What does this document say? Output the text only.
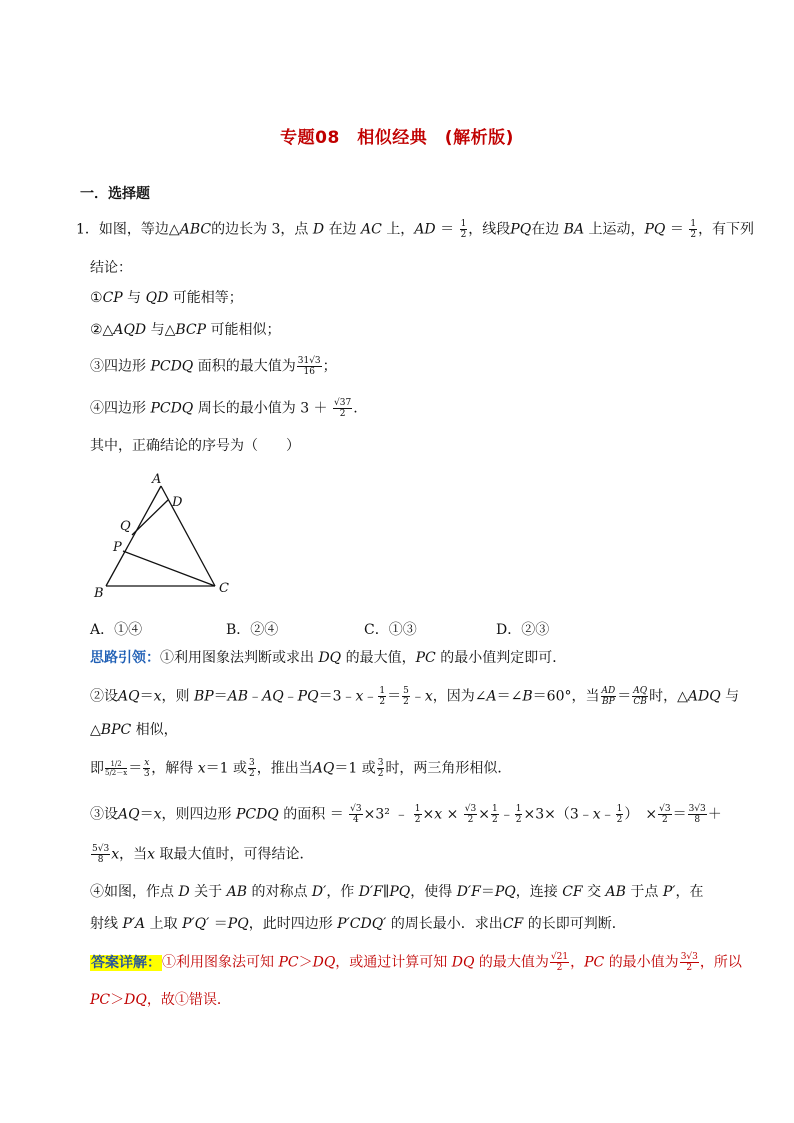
专题08　相似经典　(解析版)
一．选择题
1．如图，等边△ABC的边长为 3，点 D 在边 AC 上，AD ＝ $\frac{1}{2}$ ，线段PQ在边 BA 上运动，PQ ＝ $\frac{1}{2}$ ，有下列
结论：
①CP 与 QD 可能相等；
②△AQD 与△BCP 可能相似；
③四边形 PCDQ 面积的最大值为 $\frac{31√3}{16}$ ；
④四边形 PCDQ 周长的最小值为 $3 + \frac{√37}{2}$ .
其中，正确结论的序号为（　　）
A
D
Q
P
B	C
A．①④	B．②④	C．①③	D．②③
思路引领：①利用图象法判断或求出 DQ 的最大值，PC 的最小值判定即可．
②设AQ＝x，则 BP＝AB﹣AQ﹣PQ＝3﹣x﹣ $\frac{1}{2} = \frac{5}{2}$ ﹣x，因为∠A＝∠B＝60°，当 $\frac{AD}{BP} = \frac{AQ}{CB}$ 时，△ADQ 与
△BPC 相似，
即 $\frac{1/2}{5/2-x} = \frac{x}{3}$ ，解得 x＝1 或 $\frac{3}{2}$ ，推出当AQ＝1 或 $\frac{3}{2}$ 时，两三角形相似．
③设AQ＝x，则四边形 PCDQ 的面积 ＝ $\frac{√3}{4} \times 3^2$ ﹣ $\frac{1}{2} \times x \times \frac{√3}{2} \times \frac{1}{2}$ ﹣ $\frac{1}{2}$ ×3×（3﹣x﹣ $\frac{1}{2}$ ）　× $\frac{√3}{2} = \frac{3√3}{8}$ ＋
$\frac{5√3}{8}$ x，当x 取最大值时，可得结论．
④如图，作点 D 关于 AB 的对称点 D′，作 D′F∥PQ，使得 D′F＝PQ，连接 CF 交 AB 于点 P′，在
射线 P′A 上取 P′Q′ ＝PQ，此时四边形 P′CDQ′ 的周长最小．求出CF 的长即可判断．
答案详解：①利用图象法可知 PC＞DQ，或通过计算可知 DQ 的最大值为 $\frac{√21}{2}$ ，PC 的最小值为 $\frac{3√3}{2}$ ，所以
PC＞DQ，故①错误．
